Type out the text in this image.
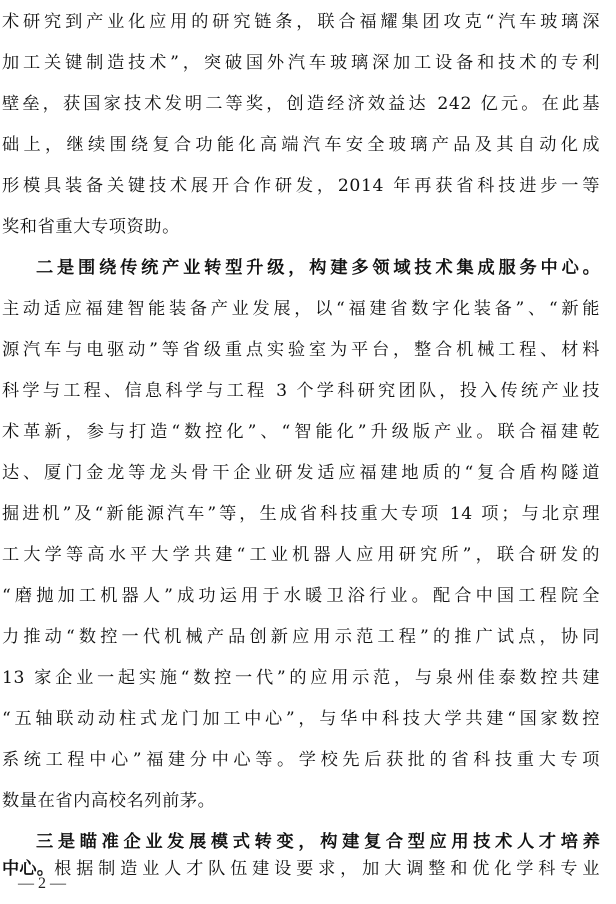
术研究到产业化应用的研究链条，联合福耀集团攻克“汽车玻璃深
加工关键制造技术”，突破国外汽车玻璃深加工设备和技术的专利
壁垒，获国家技术发明二等奖，创造经济效益达 242 亿元。在此基
础上，继续围绕复合功能化高端汽车安全玻璃产品及其自动化成
形模具装备关键技术展开合作研发，2014 年再获省科技进步一等
奖和省重大专项资助。
二是围绕传统产业转型升级，构建多领域技术集成服务中心。
主动适应福建智能装备产业发展，以“福建省数字化装备”、“新能
源汽车与电驱动”等省级重点实验室为平台，整合机械工程、材料
科学与工程、信息科学与工程 3 个学科研究团队，投入传统产业技
术革新，参与打造“数控化”、“智能化”升级版产业。联合福建乾
达、厦门金龙等龙头骨干企业研发适应福建地质的“复合盾构隧道
掘进机”及“新能源汽车”等，生成省科技重大专项 14 项；与北京理
工大学等高水平大学共建“工业机器人应用研究所”，联合研发的
“磨抛加工机器人”成功运用于水暖卫浴行业。配合中国工程院全
力推动“数控一代机械产品创新应用示范工程”的推广试点，协同
13 家企业一起实施“数控一代”的应用示范，与泉州佳泰数控共建
“五轴联动动柱式龙门加工中心”，与华中科技大学共建“国家数控
系统工程中心”福建分中心等。学校先后获批的省科技重大专项
数量在省内高校名列前茅。
三是瞄准企业发展模式转变，构建复合型应用技术人才培养
中心。 根据制造业人才队伍建设要求，加大调整和优化学科专业
— 2 —
